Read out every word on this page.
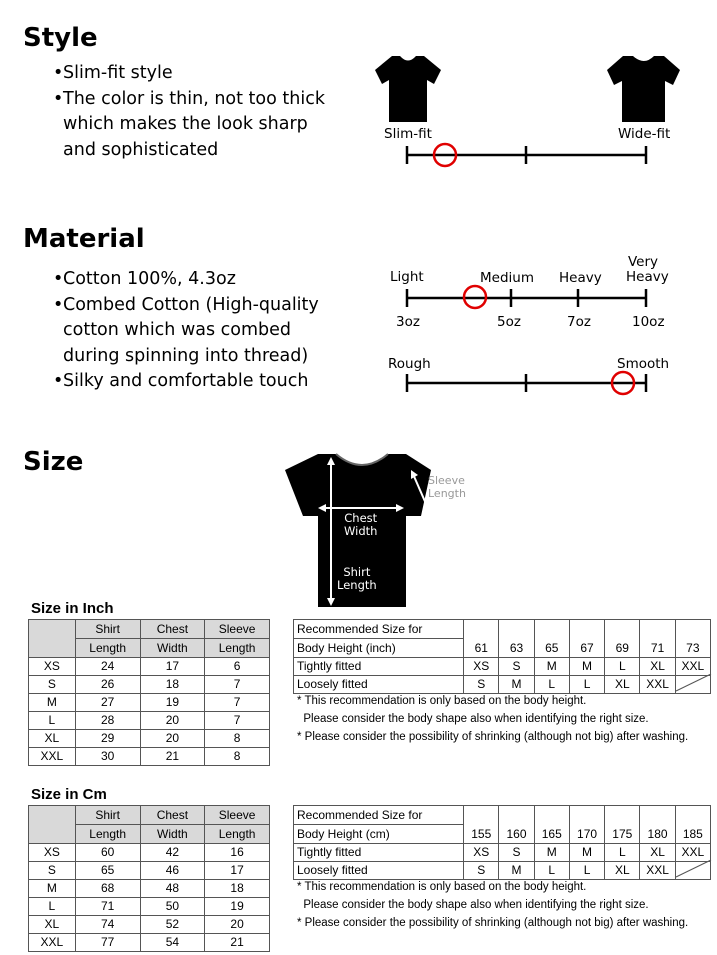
Style
• Slim-fit style
• The color is thin, not too thick which makes the look sharp and sophisticated
Slim-fit	Wide-fit
Material
• Cotton 100%, 4.3oz
• Combed Cotton (High-quality cotton which was combed during spinning into thread)
• Silky and comfortable touch
Light	Medium Heavy
Very
Heavy
3oz	5oz	7oz	10oz
Rough	Smooth
Size
Sleeve
Length
Chest
Width
Shirt
Length
Size in Inch
	Shirt	Chest	Sleeve
	Length	Width	Length
XS	24	17	6
S	26	18	7
M	27	19	7
L	28	20	7
XL	29	20	8
XXL	30	21	8
Recommended Size for	61	63	65	67	69	71	73
Body Height (inch)							
Tightly fitted	XS	S	M	M	L	XL	XXL
Loosely fitted	S	M	L	L	XL	XXL	
* This recommendation is only based on the body height.
Please consider the body shape also when identifying the right size.
* Please consider the possibility of shrinking (although not big) after washing.
Size in Cm
	Shirt	Chest	Sleeve
	Length	Width	Length
XS	60	42	16
S	65	46	17
M	68	48	18
L	71	50	19
XL	74	52	20
XXL	77	54	21
Recommended Size for	155	160	165	170	175	180	185
Body Height (cm)							
Tightly fitted	XS	S	M	M	L	XL	XXL
Loosely fitted	S	M	L	L	XL	XXL	
* This recommendation is only based on the body height.
Please consider the body shape also when identifying the right size.
* Please consider the possibility of shrinking (although not big) after washing.
